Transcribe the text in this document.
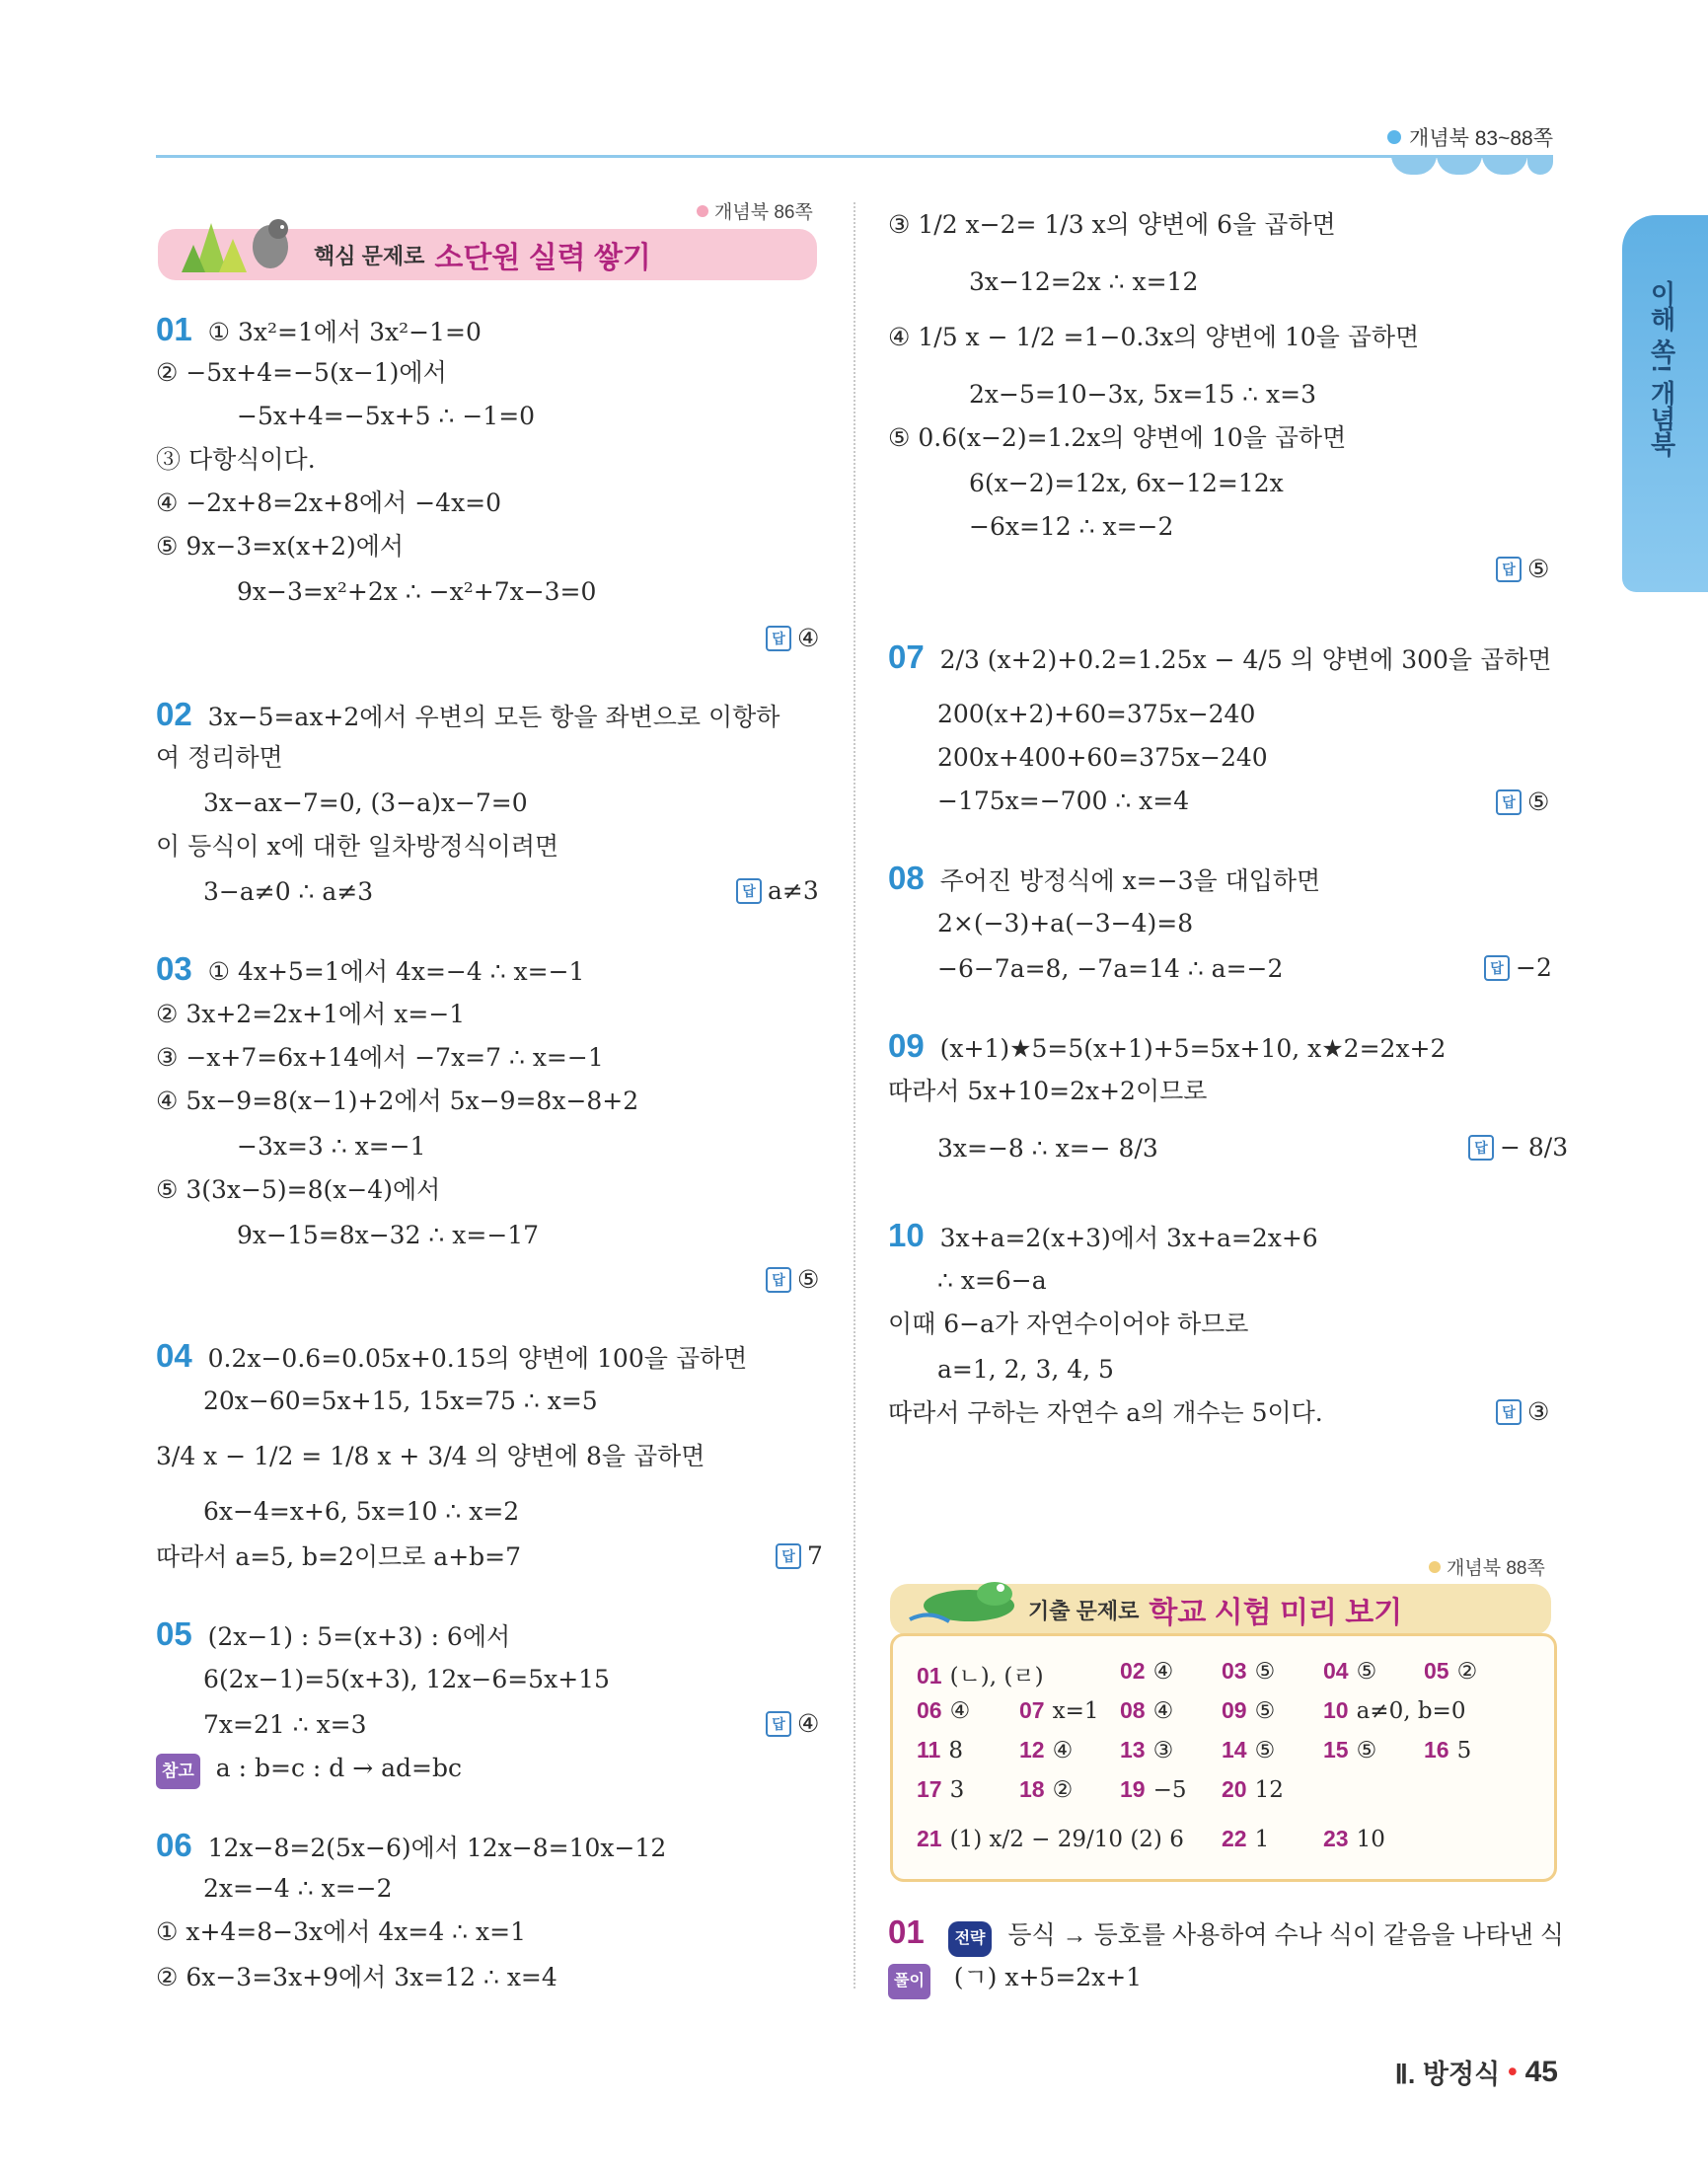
개념북 83~88쪽
이해 쏙! 개념북
개념북 86쪽
핵심 문제로 소단원 실력 쌓기
01 ① 3x²=1에서 3x²−1=0
② −5x+4=−5(x−1)에서
−5x+4=−5x+5 ∴ −1=0
③ 다항식이다.
④ −2x+8=2x+8에서 −4x=0
⑤ 9x−3=x(x+2)에서
9x−3=x²+2x ∴ −x²+7x−3=0
답 ④
02 3x−5=ax+2에서 우변의 모든 항을 좌변으로 이항하
여 정리하면
3x−ax−7=0, (3−a)x−7=0
이 등식이 x에 대한 일차방정식이려면
3−a≠0 ∴ a≠3	답 a≠3
03 ① 4x+5=1에서 4x=−4 ∴ x=−1
② 3x+2=2x+1에서 x=−1
③ −x+7=6x+14에서 −7x=7 ∴ x=−1
④ 5x−9=8(x−1)+2에서 5x−9=8x−8+2
−3x=3 ∴ x=−1
⑤ 3(3x−5)=8(x−4)에서
9x−15=8x−32 ∴ x=−17
답 ⑤
04 0.2x−0.6=0.05x+0.15의 양변에 100을 곱하면
20x−60=5x+15, 15x=75 ∴ x=5
3/4 x − 1/2 = 1/8 x + 3/4 의 양변에 8을 곱하면
6x−4=x+6, 5x=10 ∴ x=2
따라서 a=5, b=2이므로 a+b=7	답 7
05 (2x−1) : 5=(x+3) : 6에서
6(2x−1)=5(x+3), 12x−6=5x+15
7x=21 ∴ x=3	답 ④
참고 a : b=c : d → ad=bc
06 12x−8=2(5x−6)에서 12x−8=10x−12
2x=−4 ∴ x=−2
① x+4=8−3x에서 4x=4 ∴ x=1
② 6x−3=3x+9에서 3x=12 ∴ x=4
③ 1/2 x−2= 1/3 x의 양변에 6을 곱하면
3x−12=2x ∴ x=12
④ 1/5 x − 1/2 =1−0.3x의 양변에 10을 곱하면
2x−5=10−3x, 5x=15 ∴ x=3
⑤ 0.6(x−2)=1.2x의 양변에 10을 곱하면
6(x−2)=12x, 6x−12=12x
−6x=12 ∴ x=−2
답 ⑤
07 2/3 (x+2)+0.2=1.25x − 4/5 의 양변에 300을 곱하면
200(x+2)+60=375x−240
200x+400+60=375x−240
−175x=−700 ∴ x=4	답 ⑤
08 주어진 방정식에 x=−3을 대입하면
2×(−3)+a(−3−4)=8
−6−7a=8, −7a=14 ∴ a=−2	답 −2
09 (x+1)★5=5(x+1)+5=5x+10, x★2=2x+2
따라서 5x+10=2x+2이므로
3x=−8 ∴ x=− 8/3	답 − 8/3
10 3x+a=2(x+3)에서 3x+a=2x+6
∴ x=6−a
이때 6−a가 자연수이어야 하므로
a=1, 2, 3, 4, 5
따라서 구하는 자연수 a의 개수는 5이다.	답 ③
개념북 88쪽
기출 문제로 학교 시험 미리 보기
01 (ㄴ), (ㄹ)	02 ④ 03 ⑤ 04 ⑤ 05 ②
06 ④ 07 x=1 08 ④ 09 ⑤ 10 a≠0, b=0
11 8 12 ④ 13 ③ 14 ⑤ 15 ⑤ 16 5
17 3 18 ② 19 −5 20 12
21 (1) x/2 − 29/10 (2) 6 22 1 23 10
01 전략 등식 → 등호를 사용하여 수나 식이 같음을 나타낸 식
풀이 (ㄱ) x+5=2x+1
Ⅱ. 방정식 • 45
